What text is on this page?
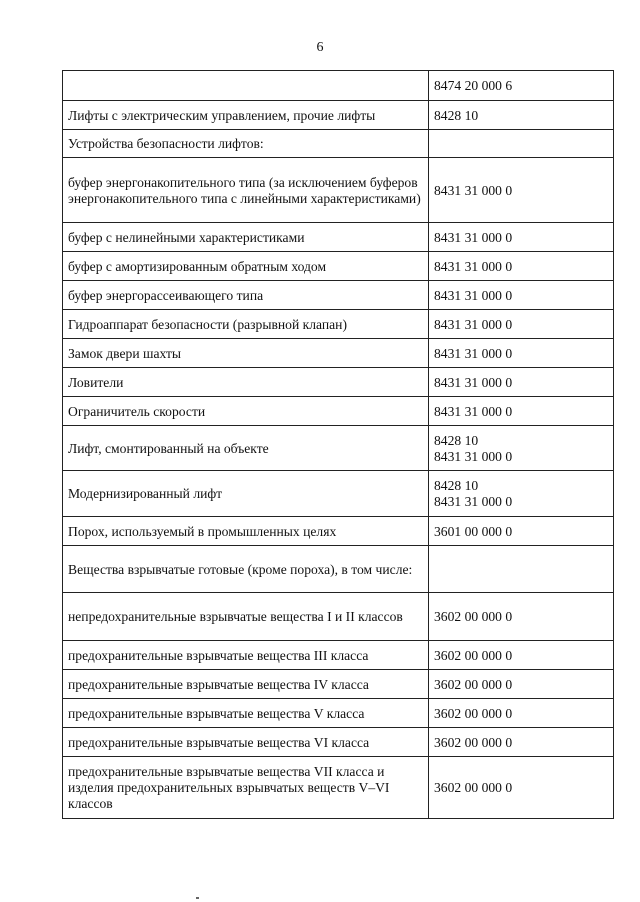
6
	8474 20 000 6
Лифты с электрическим управлением, прочие лифты	8428 10
Устройства безопасности лифтов:	
буфер энергонакопительного типа (за исключением буферов энергонакопительного типа с линейными характеристиками)	8431 31 000 0
буфер с нелинейными характеристиками	8431 31 000 0
буфер с амортизированным обратным ходом	8431 31 000 0
буфер энергорассеивающего типа	8431 31 000 0
Гидроаппарат безопасности (разрывной клапан)	8431 31 000 0
Замок двери шахты	8431 31 000 0
Ловители	8431 31 000 0
Ограничитель скорости	8431 31 000 0
Лифт, смонтированный на объекте	8428 10
8431 31 000 0
Модернизированный лифт	8428 10
8431 31 000 0
Порох, используемый в промышленных целях	3601 00 000 0
Вещества взрывчатые готовые (кроме пороха), в том числе:	
непредохранительные взрывчатые вещества I и II классов	3602 00 000 0
предохранительные взрывчатые вещества III класса	3602 00 000 0
предохранительные взрывчатые вещества IV класса	3602 00 000 0
предохранительные взрывчатые вещества V класса	3602 00 000 0
предохранительные взрывчатые вещества VI класса	3602 00 000 0
предохранительные взрывчатые вещества VII класса и изделия предохранительных взрывчатых веществ V–VI классов	3602 00 000 0
